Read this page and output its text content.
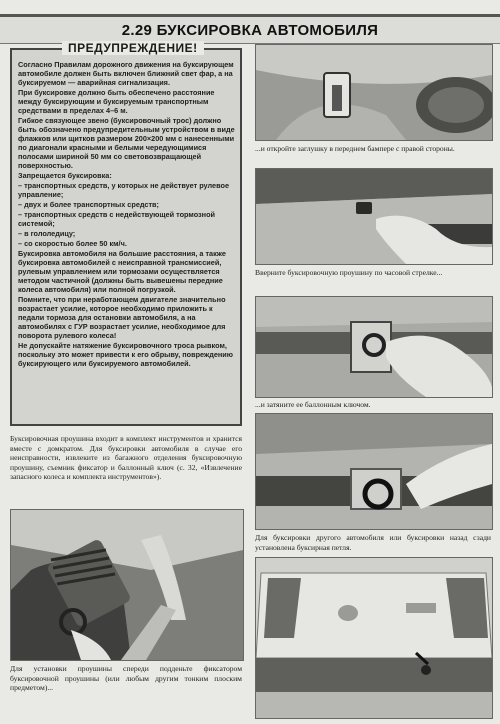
2.29 БУКСИРОВКА АВТОМОБИЛЯ
ПРЕДУПРЕЖДЕНИЕ!

Согласно Правилам дорожного движения на буксирующем автомобиле должен быть включен ближний свет фар, а на буксируемом — аварийная сигнализация.

При буксировке должно быть обеспечено расстояние между буксирующим и буксируемым транспортным средствами в пределах 4–6 м.

Гибкое связующее звено (буксировочный трос) должно быть обозначено предупредительным устройством в виде флажков или щитков размером 200×200 мм с нанесенными по диагонали красными и белыми чередующимися полосами шириной 50 мм со световозвращающей поверхностью.

Запрещается буксировка:

– транспортных средств, у которых не действует рулевое управление;

– двух и более транспортных средств;

– транспортных средств с недействующей тормозной системой;

– в гололедицу;

– со скоростью более 50 км/ч.

Буксировка автомобиля на большие расстояния, а также буксировка автомобилей с неисправной трансмиссией, рулевым управлением или тормозами осуществляется методом частичной (должны быть вывешены передние колеса автомобиля) или полной погрузкой.

Помните, что при неработающем двигателе значительно возрастает усилие, которое необходимо приложить к педали тормоза для остановки автомобиля, а на автомобилях с ГУР возрастает усилие, необходимое для поворота рулевого колеса!

Не допускайте натяжение буксировочного троса рывком, поскольку это может привести к его обрыву, повреждению буксирующего или буксируемого автомобилей.

Буксировочная проушина входит в комплект инструментов и хранится вместе с домкратом. Для буксировки автомобиля в случае его неисправности, извлеките из багажного отделения буксировочную проушину, съемник фиксатор и баллонный ключ (с. 32, «Извлечение запасного колеса и комплекта инструментов»).
Для установки проушины спереди подденьте фиксатором буксировочной проушины (или любым другим тонким плоским предметом)...
...и откройте заглушку в переднем бампере с правой стороны.
Вверните буксировочную проушину по часовой стрелке...
...и затяните ее баллонным ключом.
Для буксировки другого автомобиля или буксировки назад сзади установлена буксирная петля.
